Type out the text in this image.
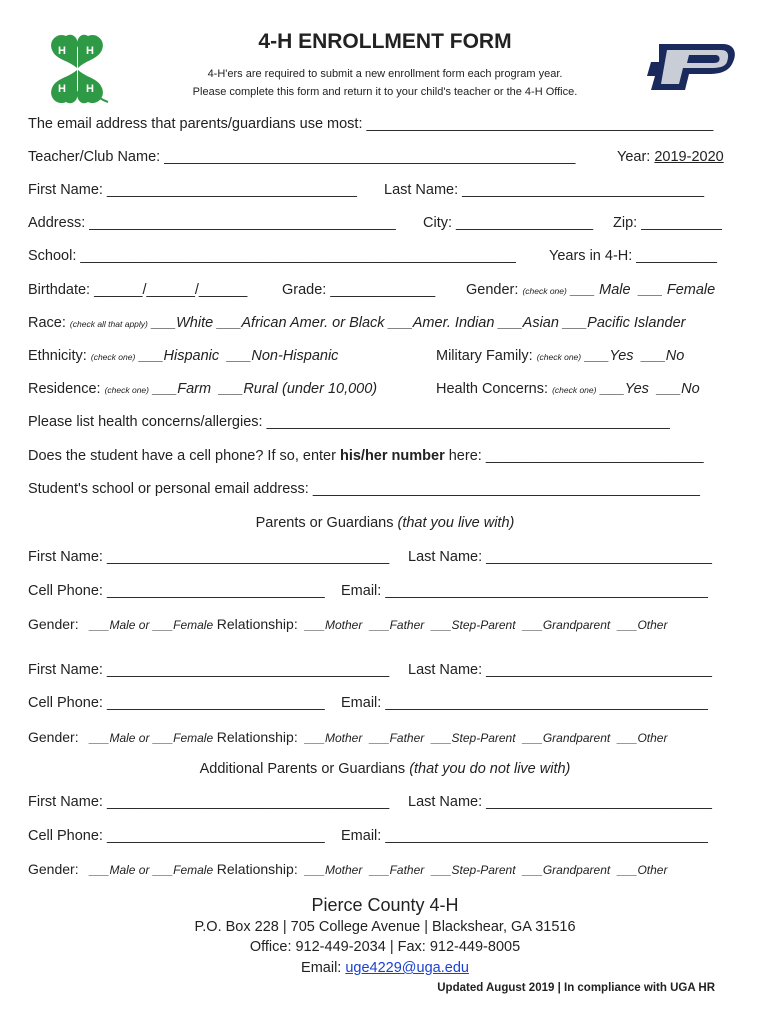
H H
H H
4-H ENROLLMENT FORM
4-H'ers are required to submit a new enrollment form each program year.
Please complete this form and return it to your child's teacher or the 4-H Office.
The email address that parents/guardians use most: ___________________________________________
Teacher/Club Name: ___________________________________________________	Year: 2019-2020
First Name: _______________________________ Last Name: ______________________________
Address: ______________________________________ City: _________________ Zip: __________
School: ______________________________________________________ Years in 4-H: __________
Birthdate: ______/______/______ Grade: _____________ Gender: (check one) ___ Male ___ Female
Race: (check all that apply) ___White ___African Amer. or Black ___Amer. Indian ___Asian ___Pacific Islander
Ethnicity: (check one) ___Hispanic ___Non-Hispanic	Military Family: (check one) ___Yes ___No
Residence: (check one) ___Farm ___Rural (under 10,000)	Health Concerns: (check one) ___Yes ___No
Please list health concerns/allergies: __________________________________________________
Does the student have a cell phone? If so, enter his/her number here: ___________________________
Student's school or personal email address: ________________________________________________
Parents or Guardians (that you live with)
First Name: ___________________________________ Last Name: ____________________________
Cell Phone: ___________________________ Email: ________________________________________
Gender: ___Male or ___Female Relationship: ___Mother ___Father ___Step-Parent ___Grandparent ___Other
First Name: ___________________________________ Last Name: ____________________________
Cell Phone: ___________________________ Email: ________________________________________
Gender: ___Male or ___Female Relationship: ___Mother ___Father ___Step-Parent ___Grandparent ___Other
Additional Parents or Guardians (that you do not live with)
First Name: ___________________________________ Last Name: ____________________________
Cell Phone: ___________________________ Email: ________________________________________
Gender: ___Male or ___Female Relationship: ___Mother ___Father ___Step-Parent ___Grandparent ___Other
Pierce County 4-H
P.O. Box 228 | 705 College Avenue | Blackshear, GA 31516
Office: 912-449-2034 | Fax: 912-449-8005
Email: uge4229@uga.edu
Updated August 2019 | In compliance with UGA HR
